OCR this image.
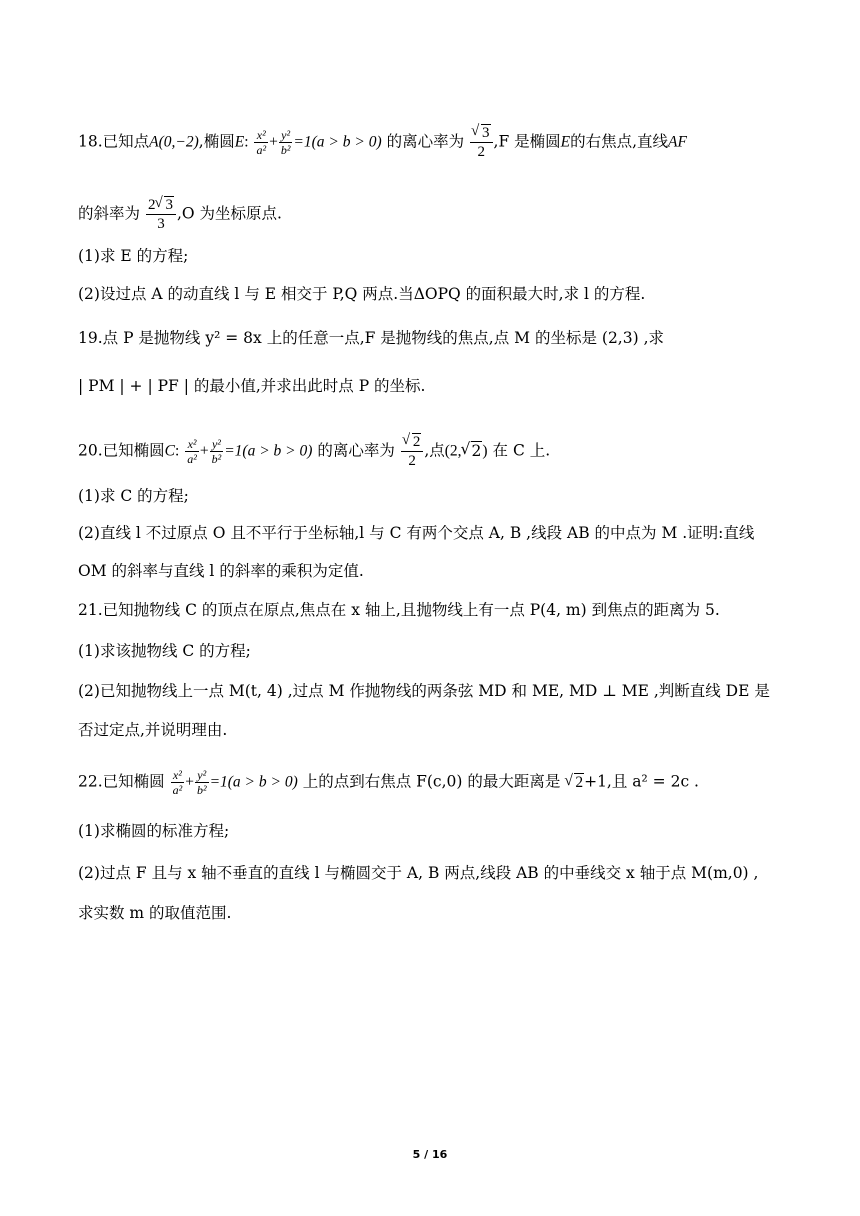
18.已知点A(0,−2),椭圆E: $\frac{\text{x²}}{\text{a²}} + \frac{\text{y²}}{\text{b²}} =1(a > b > 0)$ 的离心率为 √ $\frac{3}{2} ,F$ 是椭圆E的右焦点,直线AF
的斜率为 $\frac{2 √ 3}{3} ,O$ 为坐标原点.
(1)求 E 的方程;
(2)设过点 A 的动直线 l 与 E 相交于 P,Q 两点.当ΔOPQ 的面积最大时,求 l 的方程.
19.点 P 是抛物线 y² = 8x 上的任意一点,F 是抛物线的焦点,点 M 的坐标是 (2,3) ,求
| PM | + | PF | 的最小值,并求出此时点 P 的坐标.
20.已知椭圆C: $\frac{\text{x²}}{\text{a²}} + \frac{\text{y²}}{\text{b²}} =1(a > b > 0)$ 的离心率为 √ $\frac{2}{2}$ ,点(2, √ 2) 在 C 上.
(1)求 C 的方程;
(2)直线 l 不过原点 O 且不平行于坐标轴,l 与 C 有两个交点 A, B ,线段 AB 的中点为 M .证明:直线
OM 的斜率与直线 l 的斜率的乘积为定值.
21.已知抛物线 C 的顶点在原点,焦点在 x 轴上,且抛物线上有一点 P(4, m) 到焦点的距离为 5.
(1)求该抛物线 C 的方程;
(2)已知抛物线上一点 M(t, 4) ,过点 M 作抛物线的两条弦 MD 和 ME, MD ⊥ ME ,判断直线 DE 是
否过定点,并说明理由.
22.已知椭圆 $\frac{\text{x²}}{\text{a²}} + \frac{\text{y²}}{\text{b²}} =1(a > b > 0)$ 上的点到右焦点 F(c,0) 的最大距离是 √ 2+1,且 a² = 2c .
(1)求椭圆的标准方程;
(2)过点 F 且与 x 轴不垂直的直线 l 与椭圆交于 A, B 两点,线段 AB 的中垂线交 x 轴于点 M(m,0) ,
求实数 m 的取值范围.
5 / 16
